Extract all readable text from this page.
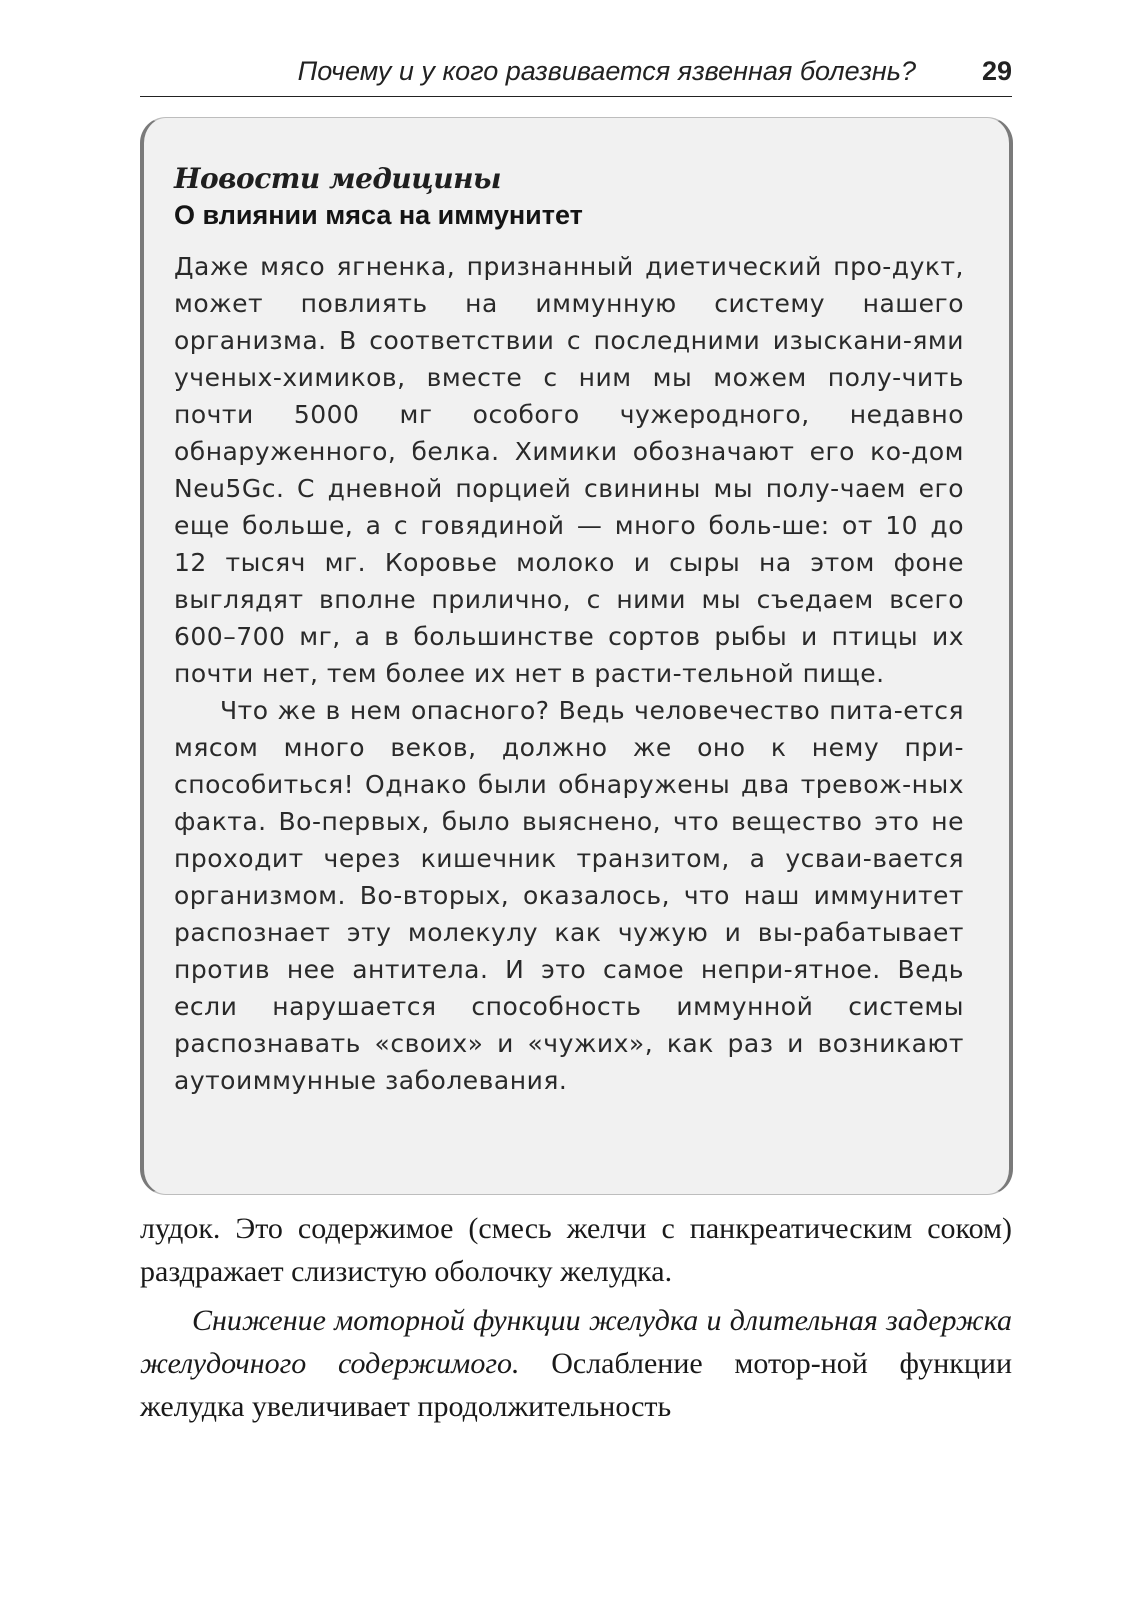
Почему и у кого развивается язвенная болезнь? 29
Новости медицины
О влиянии мяса на иммунитет

Даже мясо ягненка, признанный диетический про-дукт, может повлиять на иммунную систему нашего организма. В соответствии с последними изыскани-ями ученых-химиков, вместе с ним мы можем полу-чить почти 5000 мг особого чужеродного, недавно обнаруженного, белка. Химики обозначают его ко-дом Neu5Gc. С дневной порцией свинины мы полу-чаем его еще больше, а с говядиной — много боль-ше: от 10 до 12 тысяч мг. Коровье молоко и сыры на этом фоне выглядят вполне прилично, с ними мы съедаем всего 600–700 мг, а в большинстве сортов рыбы и птицы их почти нет, тем более их нет в расти-тельной пище.

Что же в нем опасного? Ведь человечество пита-ется мясом много веков, должно же оно к нему при-способиться! Однако были обнаружены два тревож-ных факта. Во-первых, было выяснено, что вещество это не проходит через кишечник транзитом, а усваи-вается организмом. Во-вторых, оказалось, что наш иммунитет распознает эту молекулу как чужую и вы-рабатывает против нее антитела. И это самое непри-ятное. Ведь если нарушается способность иммунной системы распознавать «своих» и «чужих», как раз и возникают аутоиммунные заболевания.

лудок. Это содержимое (смесь желчи с панкреатическим соком) раздражает слизистую оболочку желудка.

Снижение моторной функции желудка и длительная задержка желудочного содержимого. Ослабление мотор-ной функции желудка увеличивает продолжительность
